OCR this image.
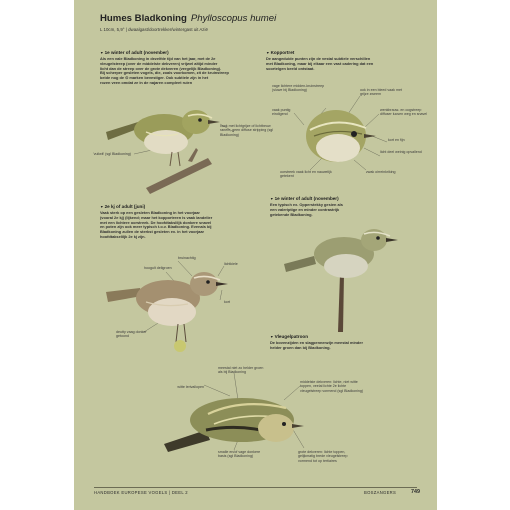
Humes Bladkoning Phylloscopus humei
L 10cm, 5,9° | dwaalgast/doortrekker/wintergast uit Azië
▼ 1e winter of adult (november)
Als een vale Bladkoning in dezelfde tijd van het jaar, met de 2e
vleugelstreep (over de middelste dekveren) vrijwel altijd minder
licht dan de streep over de grote dekveren (vergelijk Bladkoning).
Bij scherper gesleten vogels, die, zoals voorkomen, zit de kruinstreep
beide nog de ⊙ marken bevestiger. Ook subtiele zijn in het
rozen veen omdat ze in de najaren compleet ruien
vaak met lichtgrijze of lichtbeuw ranem, geen diffuse stripping (sgl Bladkoning)
'vuilwit' (sgl Bladkoning)
▼ Kopportret
De aangeduide punten zijn de vestal subtiele verschillen
met Bladkoning, maar bij elkaar een vast cadering dat een
soortelgen beeld ontstaat.
vage lichtere midden-kruinstreep (sluwe bij Bladkoning)
vaak puntig eindigend
ook in een bleed vaak met grijze zweem
wenkbrauw- en oogstreep diffuser lucsen weg en snavel
kort en fijn
licht deel weinig opvallend
oorstreek vaak licht en nauwelijk getekent
zwak oirreinkriking
▼ 2e kj of adult (juni)
Vaak sterk op een gesleten Bladkoning in het voorjaar
(vooral 2e kj) (lijkend; maar het kopportreen is vaak landelier
met een lichtere oorstreek. De hoofdtaksliljk donkere snavel
en poten zijn ook meer typisch t.o.v. Bladkoning. Evenals bij
Bladkoning zullen de sterkst gesleten ex. in het voorjaar
hoofdtakseliljk 2e kj zijn.
bruinachtig
lichtkiele
hoogult deligroen
kort
deutty vaag donker getoond
▼ 1e winter of adult (november)
Een typisch ex. Opperstekky gesien als
een valeriptige en minder contrastrijk
getekende Bladkoning.
▼ Vleugelpatroon
De bovenzijden en slagpennenzijn meestal minder
helder groen dan bij Bladkoning.
meestal niet zo helder groen als bij Bladkoning
middelste dekveren: lichte, niet witte toppen, veelal lichte 2e lichte vleugelstreep vormend (sgl Bladkoning)
witte lerivallopen
smalle en/of vage donkere basis (sgl Bladkoning)
grote dekveren: lichte toppen, gelijkmatig brede vleugelstreep vormend tot op tertiaires
HANDBOEK EUROPESE VOGELS | DEEL 2	BOSZANGERS	749
